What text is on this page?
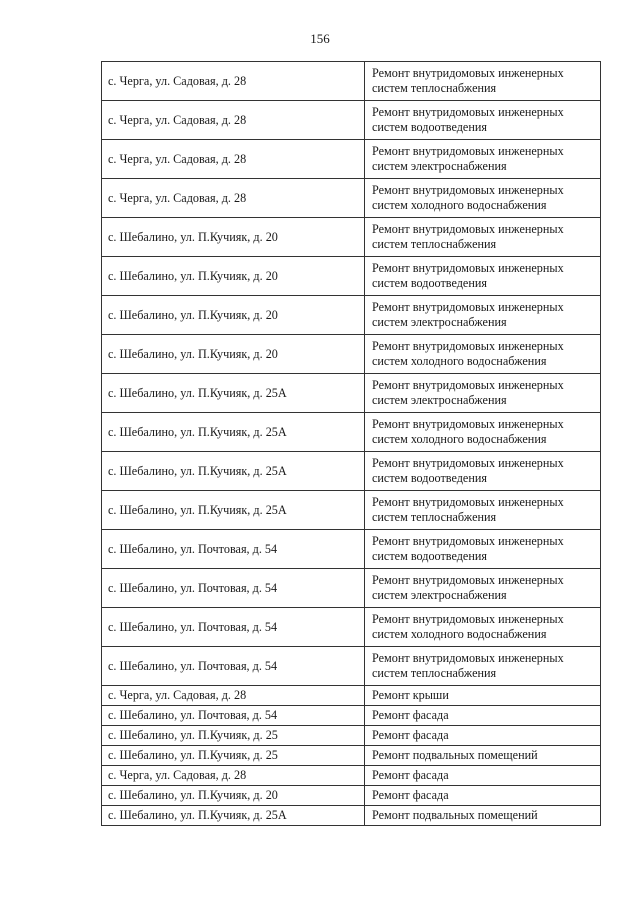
156
с. Черга, ул. Садовая, д. 28	Ремонт внутридомовых инженерных
систем теплоснабжения

с. Черга, ул. Садовая, д. 28	Ремонт внутридомовых инженерных
систем водоотведения

с. Черга, ул. Садовая, д. 28	Ремонт внутридомовых инженерных
систем электроснабжения

с. Черга, ул. Садовая, д. 28	Ремонт внутридомовых инженерных
систем холодного водоснабжения

с. Шебалино, ул. П.Кучияк, д. 20	Ремонт внутридомовых инженерных
систем теплоснабжения

с. Шебалино, ул. П.Кучияк, д. 20	Ремонт внутридомовых инженерных
систем водоотведения

с. Шебалино, ул. П.Кучияк, д. 20	Ремонт внутридомовых инженерных
систем электроснабжения

с. Шебалино, ул. П.Кучияк, д. 20	Ремонт внутридомовых инженерных
систем холодного водоснабжения

с. Шебалино, ул. П.Кучияк, д. 25А	Ремонт внутридомовых инженерных
систем электроснабжения

с. Шебалино, ул. П.Кучияк, д. 25А	Ремонт внутридомовых инженерных
систем холодного водоснабжения

с. Шебалино, ул. П.Кучияк, д. 25А	Ремонт внутридомовых инженерных
систем водоотведения

с. Шебалино, ул. П.Кучияк, д. 25А	Ремонт внутридомовых инженерных
систем теплоснабжения

с. Шебалино, ул. Почтовая, д. 54	Ремонт внутридомовых инженерных
систем водоотведения

с. Шебалино, ул. Почтовая, д. 54	Ремонт внутридомовых инженерных
систем электроснабжения

с. Шебалино, ул. Почтовая, д. 54	Ремонт внутридомовых инженерных
систем холодного водоснабжения

с. Шебалино, ул. Почтовая, д. 54	Ремонт внутридомовых инженерных
систем теплоснабжения

с. Черга, ул. Садовая, д. 28	Ремонт крыши

с. Шебалино, ул. Почтовая, д. 54	Ремонт фасада

с. Шебалино, ул. П.Кучияк, д. 25	Ремонт фасада

с. Шебалино, ул. П.Кучияк, д. 25	Ремонт подвальных помещений

с. Черга, ул. Садовая, д. 28	Ремонт фасада

с. Шебалино, ул. П.Кучияк, д. 20	Ремонт фасада

с. Шебалино, ул. П.Кучияк, д. 25А	Ремонт подвальных помещений
